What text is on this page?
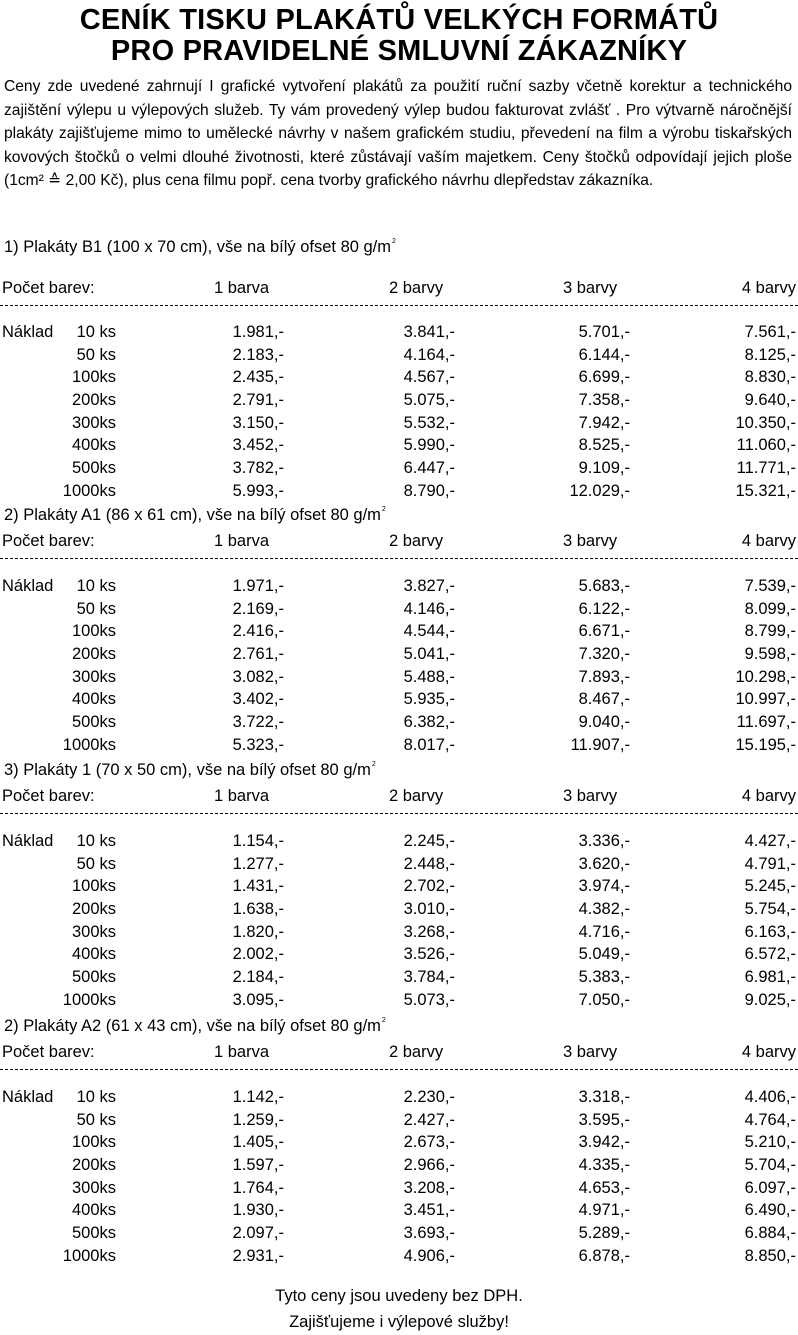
CENÍK TISKU PLAKÁTŮ VELKÝCH FORMÁTŮ
PRO PRAVIDELNÉ SMLUVNÍ ZÁKAZNÍKY

Ceny zde uvedené zahrnují I grafické vytvoření plakátů za použití ruční sazby včetně korektur a technického zajištění výlepu u výlepových služeb. Ty vám provedený výlep budou fakturovat zvlášť . Pro výtvarně náročnější plakáty zajišťujeme mimo to umělecké návrhy v našem grafickém studiu, převedení na film a výrobu tiskařských kovových štočků o velmi dlouhé životnosti, které zůstávají vaším majetkem. Ceny štočků odpovídají jejich ploše (1cm² ≙ 2,00 Kč), plus cena filmu popř. cena tvorby grafického návrhu dlepředstav zákazníka.

1) Plakáty B1 (100 x 70 cm), vše na bílý ofset 80 $g/m^2$
Počet barev:	1 barva	2 barvy	3 barvy	4 barvy
Náklad 10 ks	1.981,-	3.841,-	5.701,-	7.561,-
50 ks	2.183,-	4.164,-	6.144,-	8.125,-
100ks	2.435,-	4.567,-	6.699,-	8.830,-
200ks	2.791,-	5.075,-	7.358,-	9.640,-
300ks	3.150,-	5.532,-	7.942,-	10.350,-
400ks	3.452,-	5.990,-	8.525,-	11.060,-
500ks	3.782,-	6.447,-	9.109,-	11.771,-
1000ks	5.993,-	8.790,-	12.029,-	15.321,-
2) Plakáty A1 (86 x 61 cm), vše na bílý ofset 80 $g/m^2$
Počet barev:	1 barva	2 barvy	3 barvy	4 barvy
Náklad 10 ks	1.971,-	3.827,-	5.683,-	7.539,-
50 ks	2.169,-	4.146,-	6.122,-	8.099,-
100ks	2.416,-	4.544,-	6.671,-	8.799,-
200ks	2.761,-	5.041,-	7.320,-	9.598,-
300ks	3.082,-	5.488,-	7.893,-	10.298,-
400ks	3.402,-	5.935,-	8.467,-	10.997,-
500ks	3.722,-	6.382,-	9.040,-	11.697,-
1000ks	5.323,-	8.017,-	11.907,-	15.195,-
3) Plakáty 1 (70 x 50 cm), vše na bílý ofset 80 $g/m^2$
Počet barev:	1 barva	2 barvy	3 barvy	4 barvy
Náklad 10 ks	1.154,-	2.245,-	3.336,-	4.427,-
50 ks	1.277,-	2.448,-	3.620,-	4.791,-
100ks	1.431,-	2.702,-	3.974,-	5.245,-
200ks	1.638,-	3.010,-	4.382,-	5.754,-
300ks	1.820,-	3.268,-	4.716,-	6.163,-
400ks	2.002,-	3.526,-	5.049,-	6.572,-
500ks	2.184,-	3.784,-	5.383,-	6.981,-
1000ks	3.095,-	5.073,-	7.050,-	9.025,-
2) Plakáty A2 (61 x 43 cm), vše na bílý ofset 80 $g/m^2$
Počet barev:	1 barva	2 barvy	3 barvy	4 barvy
Náklad 10 ks	1.142,-	2.230,-	3.318,-	4.406,-
50 ks	1.259,-	2.427,-	3.595,-	4.764,-
100ks	1.405,-	2.673,-	3.942,-	5.210,-
200ks	1.597,-	2.966,-	4.335,-	5.704,-
300ks	1.764,-	3.208,-	4.653,-	6.097,-
400ks	1.930,-	3.451,-	4.971,-	6.490,-
500ks	2.097,-	3.693,-	5.289,-	6.884,-
1000ks	2.931,-	4.906,-	6.878,-	8.850,-
Tyto ceny jsou uvedeny bez DPH.
Zajišťujeme i výlepové služby!
